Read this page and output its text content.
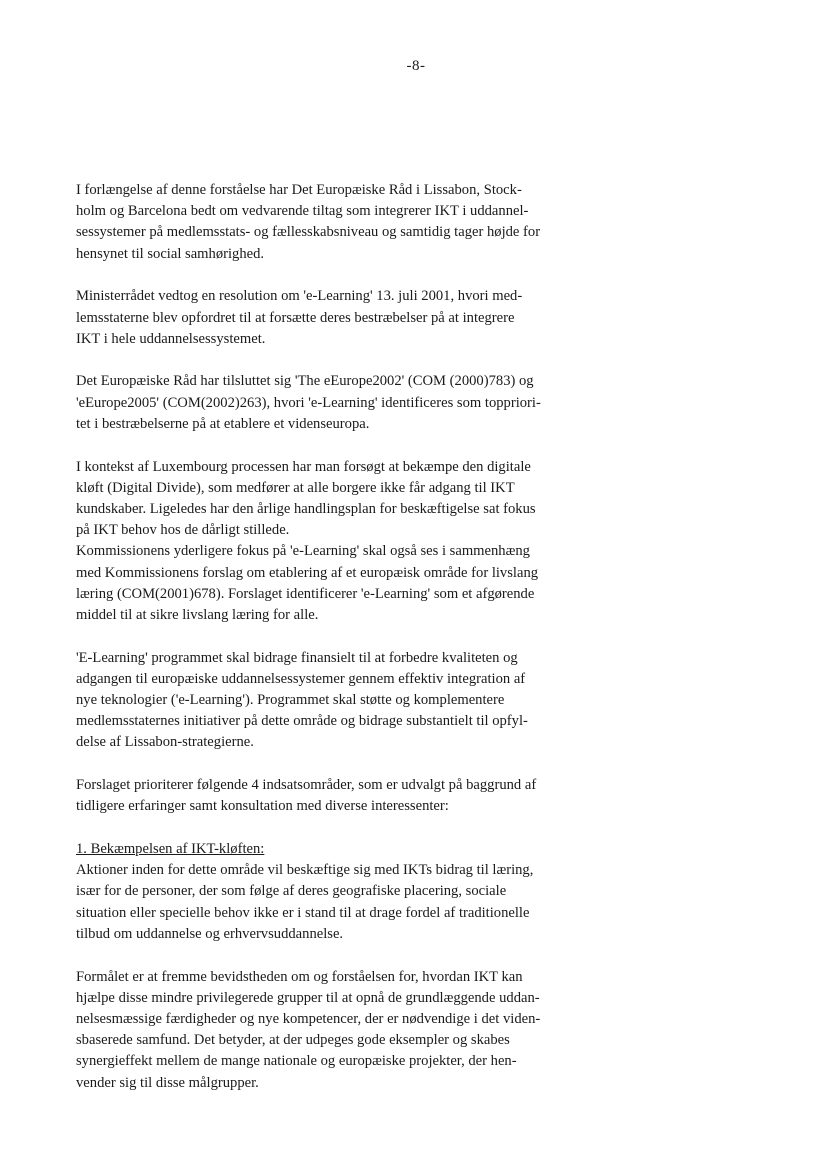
-8-

I forlængelse af denne forståelse har Det Europæiske Råd i Lissabon, Stock-
holm og Barcelona bedt om vedvarende tiltag som integrerer IKT i uddannel-
sessystemer på medlemsstats- og fællesskabsniveau og samtidig tager højde for
hensynet til social samhørighed.

Ministerrådet vedtog en resolution om 'e-Learning' 13. juli 2001, hvori med-
lemsstaterne blev opfordret til at forsætte deres bestræbelser på at integrere
IKT i hele uddannelsessystemet.

Det Europæiske Råd har tilsluttet sig 'The eEurope2002' (COM (2000)783) og
'eEurope2005' (COM(2002)263), hvori 'e-Learning' identificeres som toppriori-
tet i bestræbelserne på at etablere et videnseuropa.

I kontekst af Luxembourg processen har man forsøgt at bekæmpe den digitale
kløft (Digital Divide), som medfører at alle borgere ikke får adgang til IKT
kundskaber. Ligeledes har den årlige handlingsplan for beskæftigelse sat fokus
på IKT behov hos de dårligt stillede.

Kommissionens yderligere fokus på 'e-Learning' skal også ses i sammenhæng
med Kommissionens forslag om etablering af et europæisk område for livslang
læring (COM(2001)678). Forslaget identificerer 'e-Learning' som et afgørende
middel til at sikre livslang læring for alle.

'E-Learning' programmet skal bidrage finansielt til at forbedre kvaliteten og
adgangen til europæiske uddannelsessystemer gennem effektiv integration af
nye teknologier ('e-Learning'). Programmet skal støtte og komplementere
medlemsstaternes initiativer på dette område og bidrage substantielt til opfyl-
delse af Lissabon-strategierne.

Forslaget prioriterer følgende 4 indsatsområder, som er udvalgt på baggrund af
tidligere erfaringer samt konsultation med diverse interessenter:

1. Bekæmpelsen af IKT-kløften:
Aktioner inden for dette område vil beskæftige sig med IKTs bidrag til læring,
især for de personer, der som følge af deres geografiske placering, sociale
situation eller specielle behov ikke er i stand til at drage fordel af traditionelle
tilbud om uddannelse og erhvervsuddannelse.

Formålet er at fremme bevidstheden om og forståelsen for, hvordan IKT kan
hjælpe disse mindre privilegerede grupper til at opnå de grundlæggende uddan-
nelsesmæssige færdigheder og nye kompetencer, der er nødvendige i det viden-
sbaserede samfund. Det betyder, at der udpeges gode eksempler og skabes
synergieffekt mellem de mange nationale og europæiske projekter, der hen-
vender sig til disse målgrupper.
